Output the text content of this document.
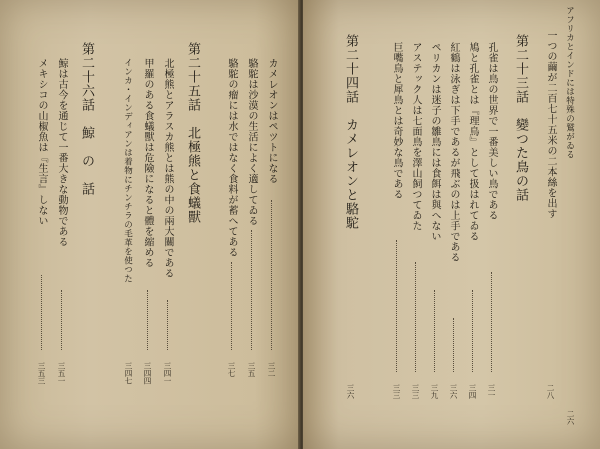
カメレオンはペツトになる
三二
駱駝は沙漠の生活によく適してゐる
三五
駱駝の瘤には水ではなく食料が蓄へてある
三七
第二十五話　北極熊と食蟻獸
北極熊とアラスカ熊とは熊の中の兩大關である
三四一
甲羅のある食蟻獸は危險になると體を縮める
三四四
インカ・インディアンは着物にチンチラの毛革を使つた
三四七
第二十六話　鯨　の　話
鯨は古今を通じて一番大きな動物である
三五一
メキシコの山椒魚は『生言』しない
三五三
アフリカとインドには特殊の鷲がゐる
二六
一つの繭が二百七十五米の二本絲を出す
二八
第二十三話　變つた鳥の話
孔雀は鳥の世界で一番美しい鳥である
三一
鳩と孔雀とは『理鳥』として扱はれてゐる
三四
紅鶴は泳ぎは下手であるが飛ぶのは上手である
三六
ペリカンは迷子の雛鳥には食餌は與へない
三九
アステック人は七面鳥を澤山飼つてゐた
三三
巨嘴鳥と犀鳥とは奇妙な鳥である
三三
第二十四話　カメレオンと駱駝
三六
